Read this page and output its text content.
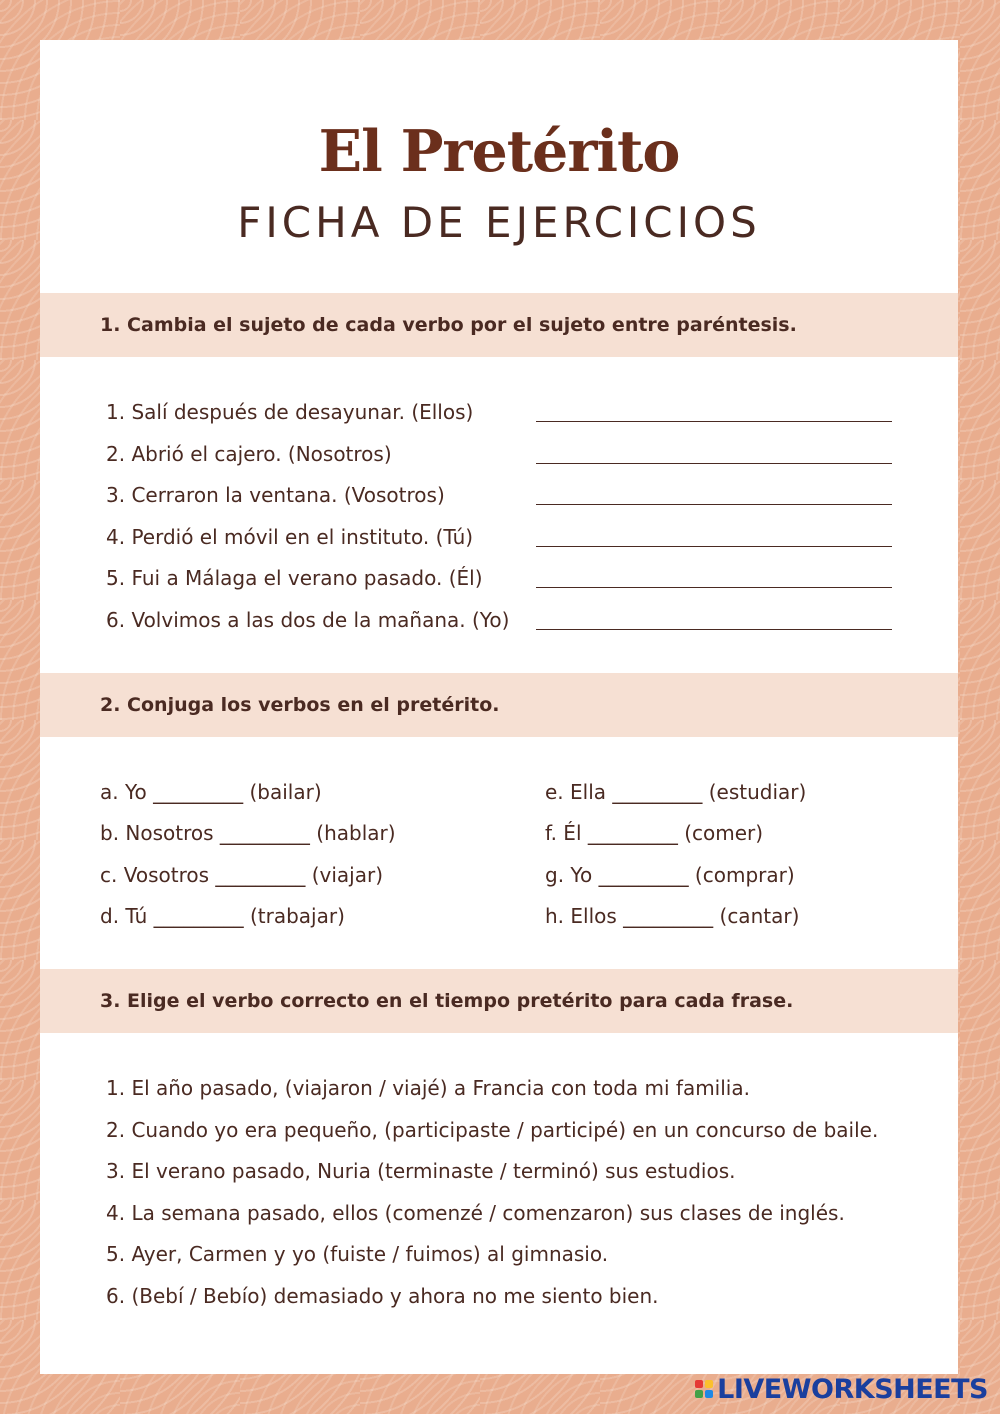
El Pretérito
FICHA DE EJERCICIOS

1. Cambia el sujeto de cada verbo por el sujeto entre paréntesis.

1. Salí después de desayunar. (Ellos)
2. Abrió el cajero. (Nosotros)
3. Cerraron la ventana. (Vosotros)
4. Perdió el móvil en el instituto. (Tú)
5. Fui a Málaga el verano pasado. (Él)
6. Volvimos a las dos de la mañana. (Yo)

2. Conjuga los verbos en el pretérito.

a. Yo _________ (bailar)
b. Nosotros _________ (hablar)
c. Vosotros _________ (viajar)
d. Tú _________ (trabajar)
e. Ella _________ (estudiar)
f. Él _________ (comer)
g. Yo _________ (comprar)
h. Ellos _________ (cantar)

3. Elige el verbo correcto en el tiempo pretérito para cada frase.

1. El año pasado, (viajaron / viajé) a Francia con toda mi familia.
2. Cuando yo era pequeño, (participaste / participé) en un concurso de baile.
3. El verano pasado, Nuria (terminaste / terminó) sus estudios.
4. La semana pasado, ellos (comenzé / comenzaron) sus clases de inglés.
5. Ayer, Carmen y yo (fuiste / fuimos) al gimnasio.
6. (Bebí / Bebío) demasiado y ahora no me siento bien.
LIVEWORKSHEETS
